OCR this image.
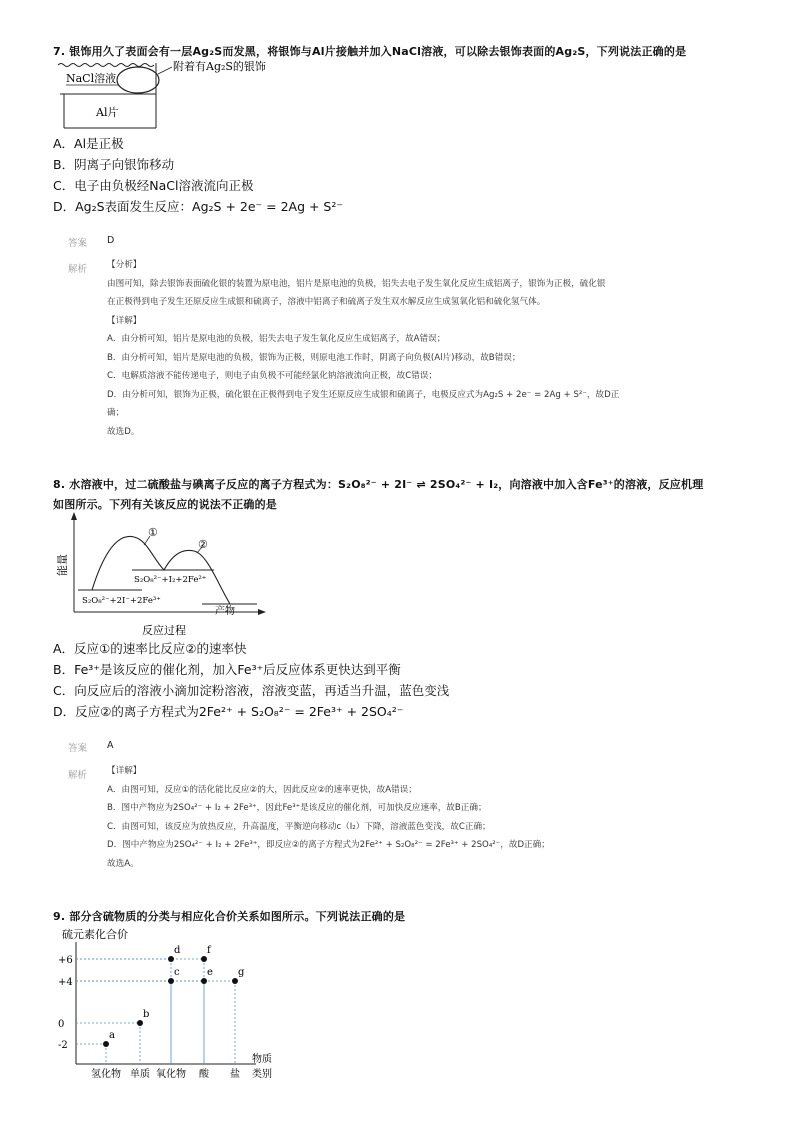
7. 银饰用久了表面会有一层Ag₂S而发黑，将银饰与Al片接触并加入NaCl溶液，可以除去银饰表面的Ag₂S，下列说法正确的是
NaCl溶液
附着有Ag₂S的银饰
Al片
A．Al是正极
B．阴离子向银饰移动
C．电子由负极经NaCl溶液流向正极
D．Ag₂S表面发生反应：Ag₂S + 2e⁻ = 2Ag + S²⁻
答案 D
解析 【分析】
由图可知，除去银饰表面硫化银的装置为原电池，铝片是原电池的负极，铝失去电子发生氧化反应生成铝离子，银饰为正极，硫化银
在正极得到电子发生还原反应生成银和硫离子，溶液中铝离子和硫离子发生双水解反应生成氢氧化铝和硫化氢气体。
【详解】
A．由分析可知，铝片是原电池的负极，铝失去电子发生氧化反应生成铝离子，故A错误；
B．由分析可知，铝片是原电池的负极，银饰为正极，则原电池工作时，阴离子向负极(Al片)移动，故B错误；
C．电解质溶液不能传递电子，则电子由负极不可能经氯化钠溶液流向正极，故C错误；
D．由分析可知，银饰为正极，硫化银在正极得到电子发生还原反应生成银和硫离子，电极反应式为Ag₂S + 2e⁻ = 2Ag + S²⁻，故D正
确；
故选D。
8. 水溶液中，过二硫酸盐与碘离子反应的离子方程式为：S₂O₈²⁻ + 2I⁻ ⇌ 2SO₄²⁻ + I₂，向溶液中加入含Fe³⁺的溶液，反应机理
如图所示。下列有关该反应的说法不正确的是
①
②
S₂O₈²⁻+I₂+2Fe²⁺
S₂O₈²⁻+2I⁻+2Fe³⁺
产物
反应过程
能量
A．反应①的速率比反应②的速率快
B．Fe³⁺是该反应的催化剂，加入Fe³⁺后反应体系更快达到平衡
C．向反应后的溶液小滴加淀粉溶液，溶液变蓝，再适当升温，蓝色变浅
D．反应②的离子方程式为2Fe²⁺ + S₂O₈²⁻ = 2Fe³⁺ + 2SO₄²⁻
答案 A
解析 【详解】
A．由图可知，反应①的活化能比反应②的大，因此反应②的速率更快，故A错误；
B．图中产物应为2SO₄²⁻ + I₂ + 2Fe³⁺，因此Fe³⁺是该反应的催化剂，可加快反应速率，故B正确；
C．由图可知，该反应为放热反应，升高温度，平衡逆向移动c（I₂）下降，溶液蓝色变浅，故C正确；
D．图中产物应为2SO₄²⁻ + I₂ + 2Fe³⁺，即反应②的离子方程式为2Fe²⁺ + S₂O₈²⁻ = 2Fe³⁺ + 2SO₄²⁻，故D正确；
故选A。
9. 部分含硫物质的分类与相应化合价关系如图所示。下列说法正确的是
硫元素化合价
+6
+4
0
-2
a
b
c
d
e
f
g
氢化物 单质 氧化物 酸 盐
物质
类别
